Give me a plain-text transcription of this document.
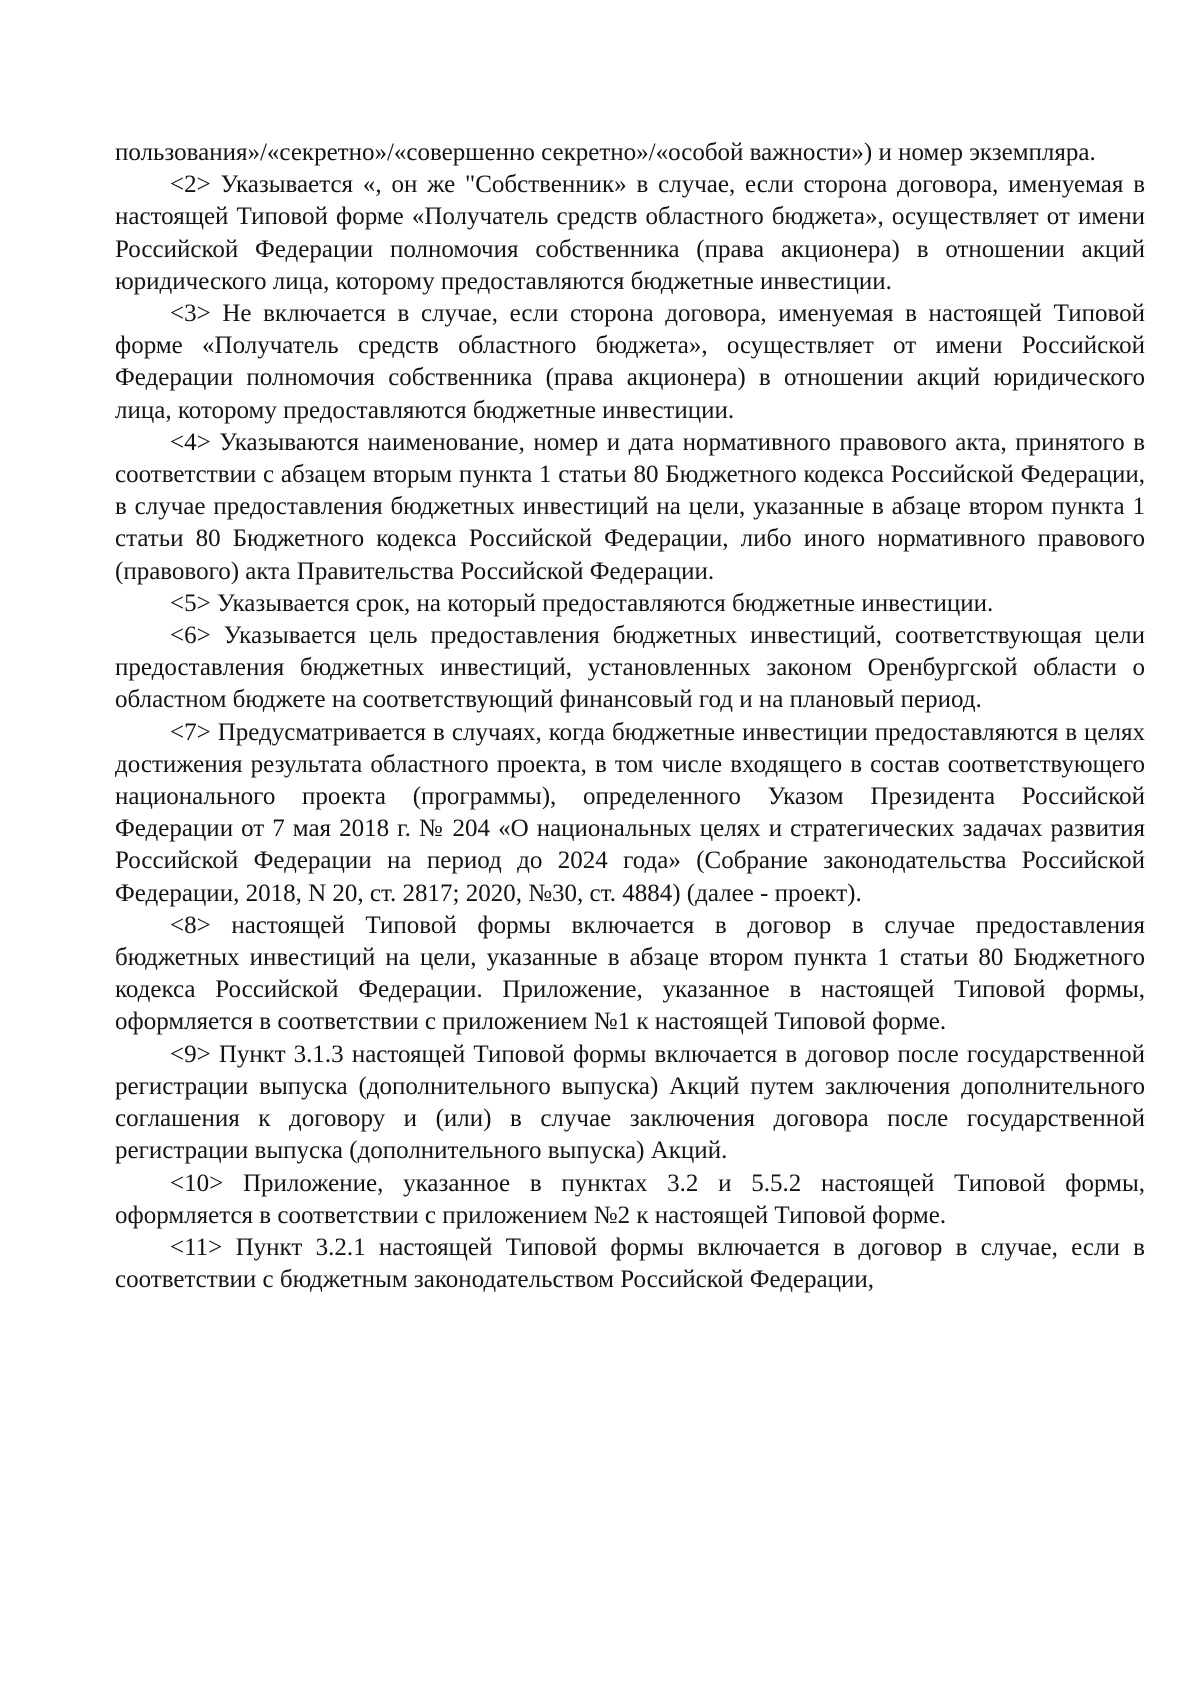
пользования»/«секретно»/«совершенно секретно»/«особой важности») и номер экземпляра.

<2> Указывается «, он же "Собственник» в случае, если сторона договора, именуемая в настоящей Типовой форме «Получатель средств областного бюджета», осуществляет от имени Российской Федерации полномочия собственника (права акционера) в отношении акций юридического лица, которому предоставляются бюджетные инвестиции.

<3> Не включается в случае, если сторона договора, именуемая в настоящей Типовой форме «Получатель средств областного бюджета», осуществляет от имени Российской Федерации полномочия собственника (права акционера) в отношении акций юридического лица, которому предоставляются бюджетные инвестиции.

<4> Указываются наименование, номер и дата нормативного правового акта, принятого в соответствии с абзацем вторым пункта 1 статьи 80 Бюджетного кодекса Российской Федерации, в случае предоставления бюджетных инвестиций на цели, указанные в абзаце втором пункта 1 статьи 80 Бюджетного кодекса Российской Федерации, либо иного нормативного правового (правового) акта Правительства Российской Федерации.

<5> Указывается срок, на который предоставляются бюджетные инвестиции.

<6> Указывается цель предоставления бюджетных инвестиций, соответствующая цели предоставления бюджетных инвестиций, установленных законом Оренбургской области о областном бюджете на соответствующий финансовый год и на плановый период.

<7> Предусматривается в случаях, когда бюджетные инвестиции предоставляются в целях достижения результата областного проекта, в том числе входящего в состав соответствующего национального проекта (программы), определенного Указом Президента Российской Федерации от 7 мая 2018 г. № 204 «О национальных целях и стратегических задачах развития Российской Федерации на период до 2024 года» (Собрание законодательства Российской Федерации, 2018, N 20, ст. 2817; 2020, №30, ст. 4884) (далее - проект).

<8> настоящей Типовой формы включается в договор в случае предоставления бюджетных инвестиций на цели, указанные в абзаце втором пункта 1 статьи 80 Бюджетного кодекса Российской Федерации. Приложение, указанное в настоящей Типовой формы, оформляется в соответствии с приложением №1 к настоящей Типовой форме.

<9> Пункт 3.1.3 настоящей Типовой формы включается в договор после государственной регистрации выпуска (дополнительного выпуска) Акций путем заключения дополнительного соглашения к договору и (или) в случае заключения договора после государственной регистрации выпуска (дополнительного выпуска) Акций.

<10> Приложение, указанное в пунктах 3.2 и 5.5.2 настоящей Типовой формы, оформляется в соответствии с приложением №2 к настоящей Типовой форме.

<11> Пункт 3.2.1 настоящей Типовой формы включается в договор в случае, если в соответствии с бюджетным законодательством Российской Федерации,
